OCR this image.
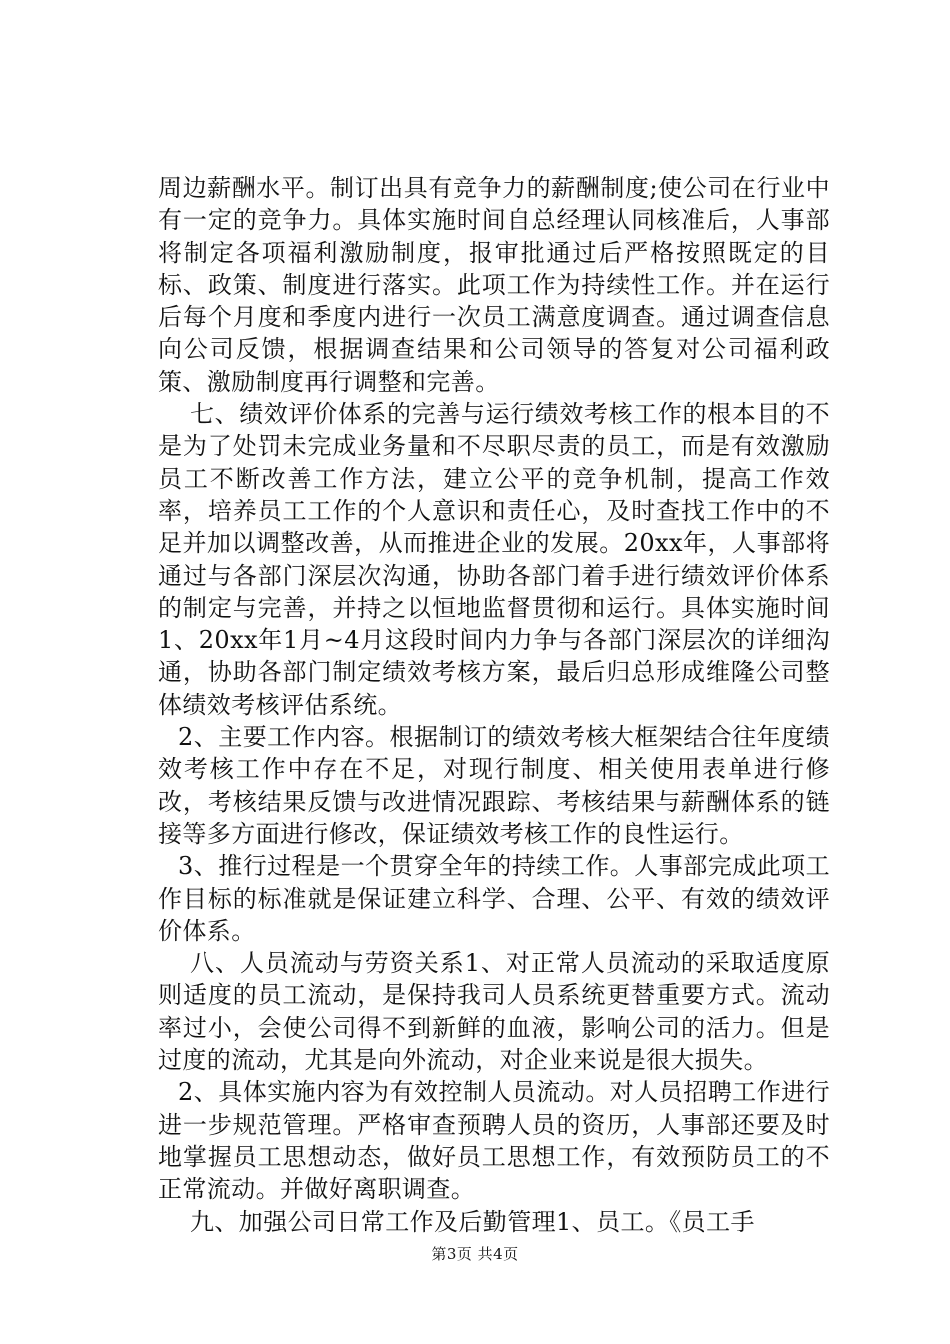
周边薪酬水平。制订出具有竞争力的薪酬制度;使公司在行业中有一定的竞争力。具体实施时间自总经理认同核准后，人事部将制定各项福利激励制度，报审批通过后严格按照既定的目标、政策、制度进行落实。此项工作为持续性工作。并在运行后每个月度和季度内进行一次员工满意度调查。通过调查信息向公司反馈，根据调查结果和公司领导的答复对公司福利政策、激励制度再行调整和完善。

七、绩效评价体系的完善与运行绩效考核工作的根本目的不是为了处罚未完成业务量和不尽职尽责的员工，而是有效激励员工不断改善工作方法，建立公平的竞争机制，提高工作效率，培养员工工作的个人意识和责任心，及时查找工作中的不足并加以调整改善，从而推进企业的发展。20xx年，人事部将通过与各部门深层次沟通，协助各部门着手进行绩效评价体系的制定与完善，并持之以恒地监督贯彻和运行。具体实施时间1、20xx年1月~4月这段时间内力争与各部门深层次的详细沟通，协助各部门制定绩效考核方案，最后归总形成维隆公司整体绩效考核评估系统。

2、主要工作内容。根据制订的绩效考核大框架结合往年度绩效考核工作中存在不足，对现行制度、相关使用表单进行修改，考核结果反馈与改进情况跟踪、考核结果与薪酬体系的链接等多方面进行修改，保证绩效考核工作的良性运行。

3、推行过程是一个贯穿全年的持续工作。人事部完成此项工作目标的标准就是保证建立科学、合理、公平、有效的绩效评价体系。

八、人员流动与劳资关系1、对正常人员流动的采取适度原则适度的员工流动，是保持我司人员系统更替重要方式。流动率过小，会使公司得不到新鲜的血液，影响公司的活力。但是过度的流动，尤其是向外流动，对企业来说是很大损失。

2、具体实施内容为有效控制人员流动。对人员招聘工作进行进一步规范管理。严格审查预聘人员的资历，人事部还要及时地掌握员工思想动态，做好员工思想工作，有效预防员工的不正常流动。并做好离职调查。

九、加强公司日常工作及后勤管理1、员工。《员工手

第3页 共4页
